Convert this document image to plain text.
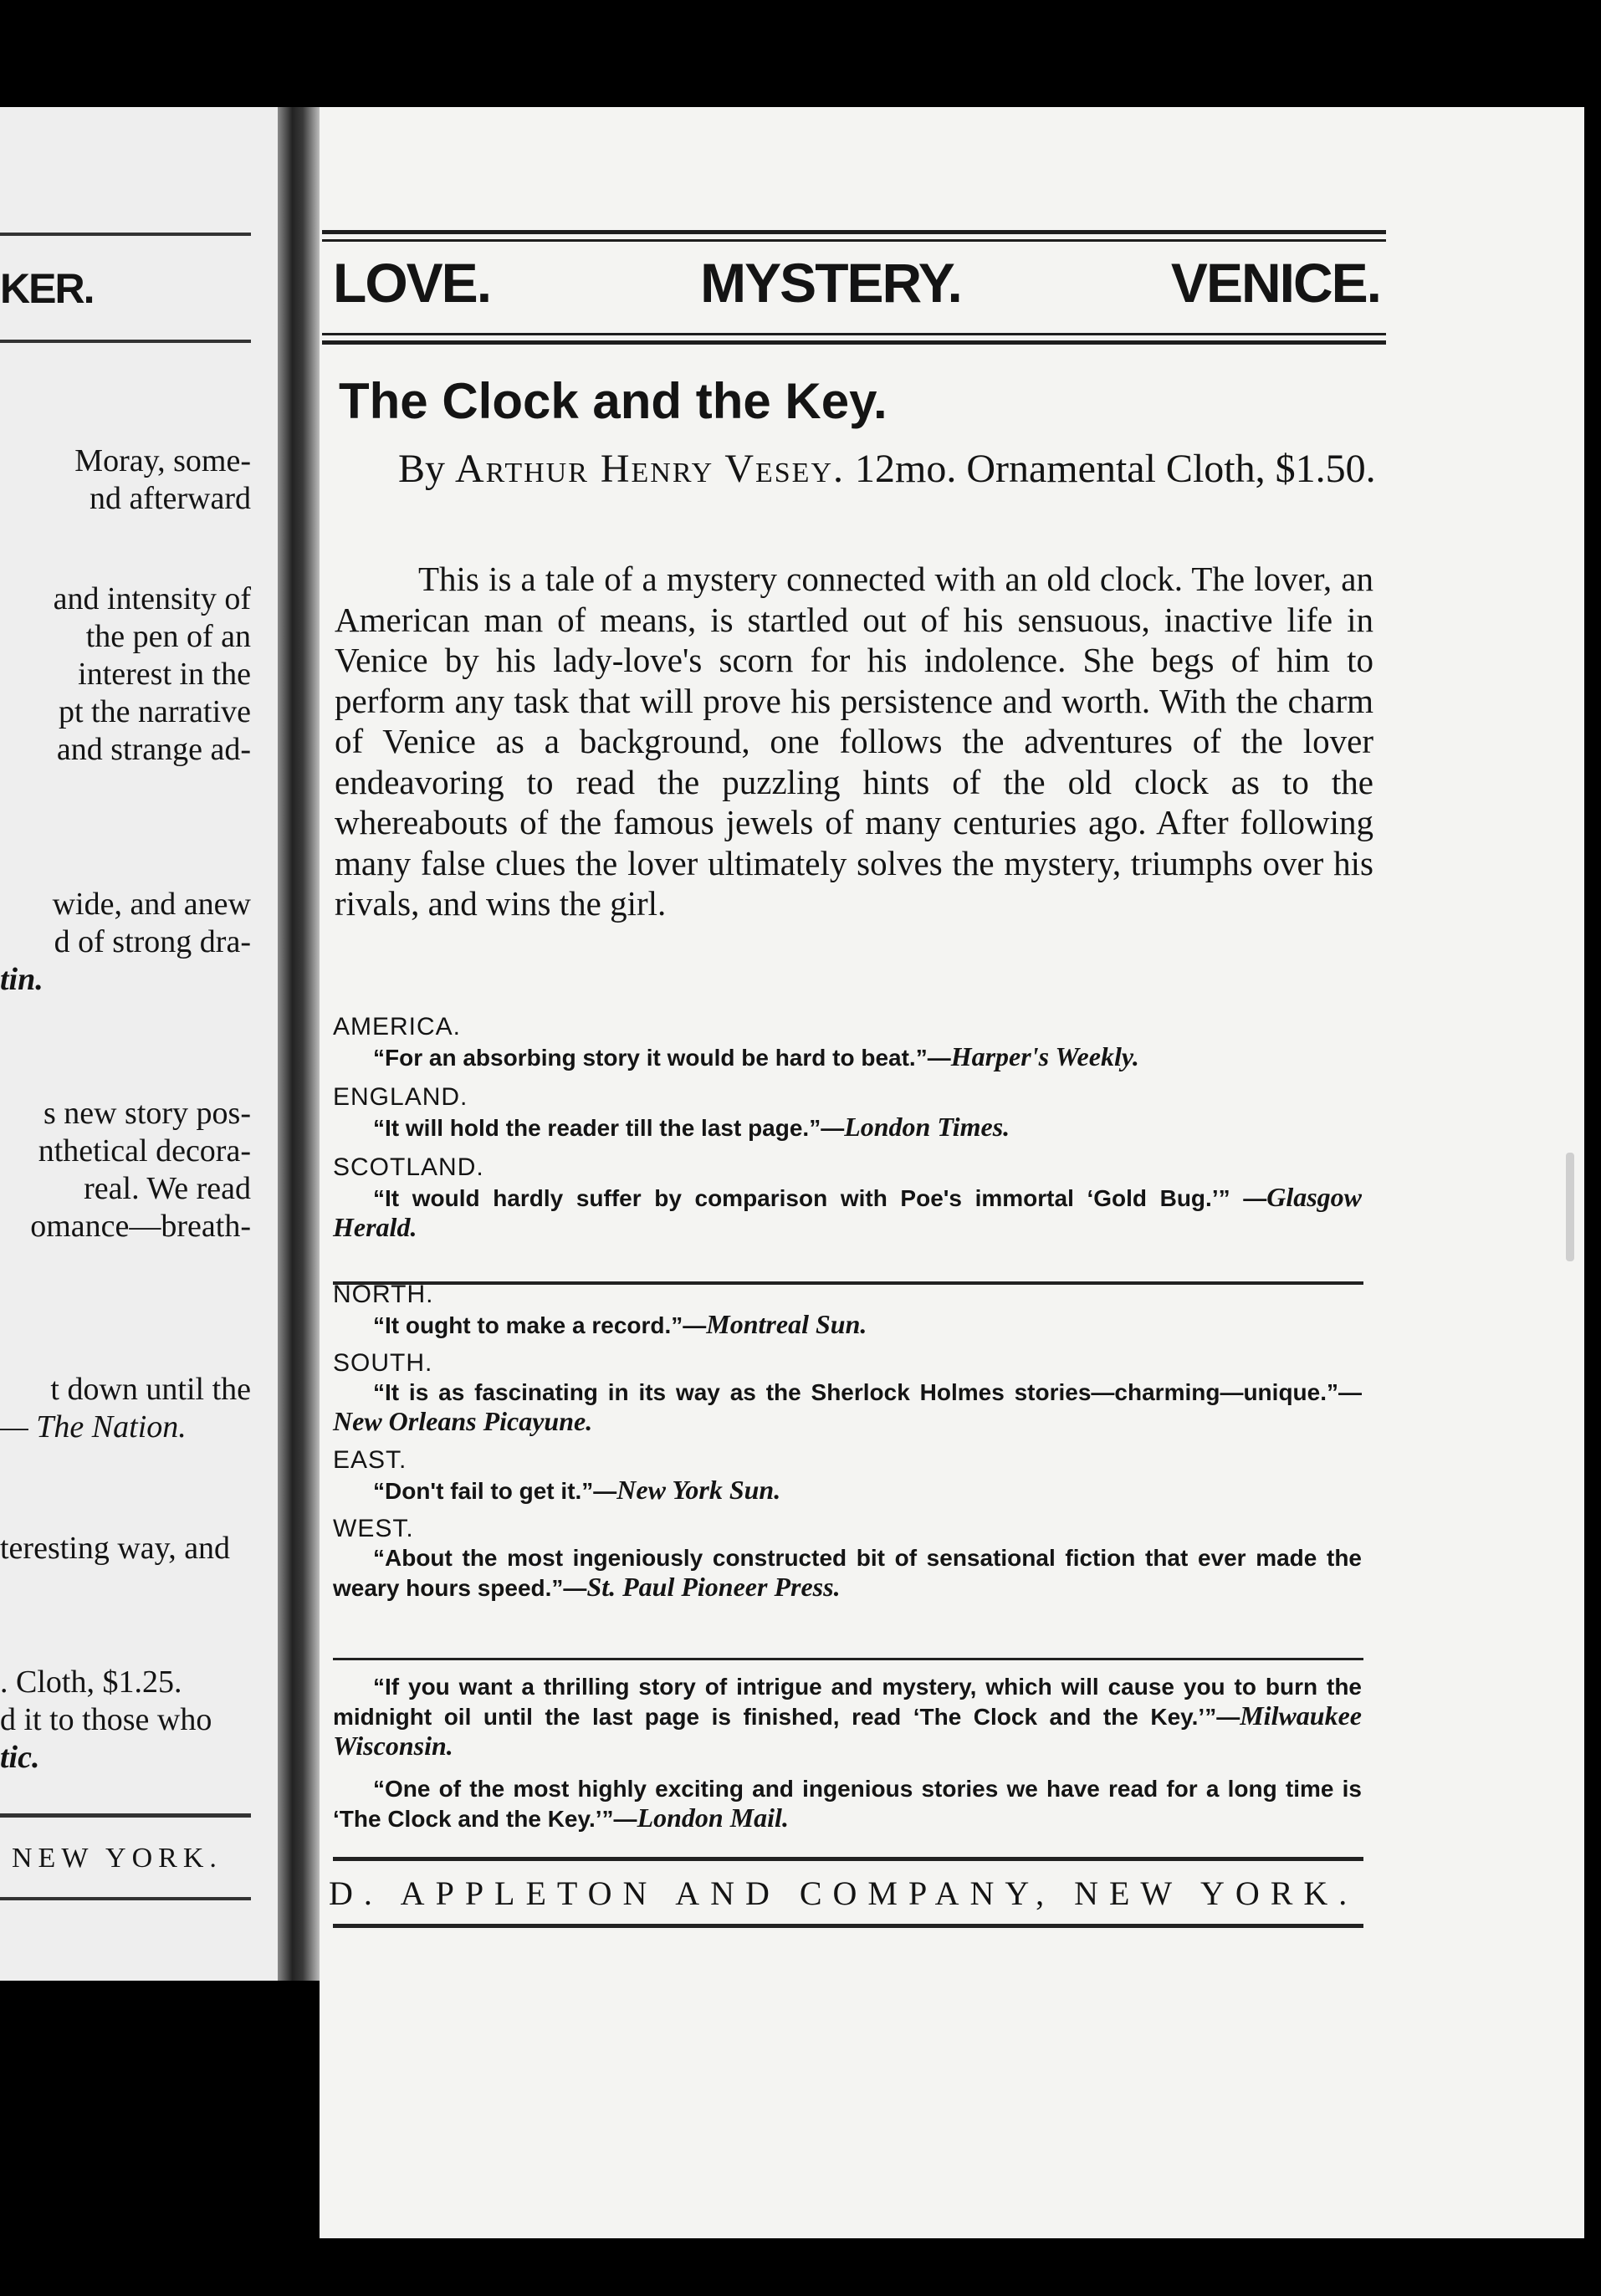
KER.
Moray, some-
nd afterward
and intensity of
the pen of an
interest in the
pt the narrative
and strange ad-
wide, and anew
d of strong dra-
tin.
s new story pos-
nthetical decora-
real. We read
omance—breath-
t down until the
— The Nation.
teresting way, and
. Cloth, $1.25.
d it to those who
tic.
NEW YORK.
LOVE.	MYSTERY.	VENICE.
The Clock and the Key.
By Arthur Henry Vesey. 12mo. Ornamental Cloth, $1.50.
This is a tale of a mystery connected with an old clock. The lover, an American man of means, is startled out of his sensuous, inactive life in Venice by his lady-love's scorn for his indolence. She begs of him to perform any task that will prove his persistence and worth. With the charm of Venice as a background, one follows the adventures of the lover endeavoring to read the puzzling hints of the old clock as to the whereabouts of the famous jewels of many centuries ago. After following many false clues the lover ultimately solves the mystery, triumphs over his rivals, and wins the girl.
AMERICA.
“For an absorbing story it would be hard to beat.”—Harper's Weekly.
ENGLAND.
“It will hold the reader till the last page.”—London Times.
SCOTLAND.
“It would hardly suffer by comparison with Poe's immortal ‘Gold Bug.’” —Glasgow Herald.
NORTH.
“It ought to make a record.”—Montreal Sun.
SOUTH.
“It is as fascinating in its way as the Sherlock Holmes stories—charming—unique.”—New Orleans Picayune.
EAST.
“Don't fail to get it.”—New York Sun.
WEST.
“About the most ingeniously constructed bit of sensational fiction that ever made the weary hours speed.”—St. Paul Pioneer Press.
“If you want a thrilling story of intrigue and mystery, which will cause you to burn the midnight oil until the last page is finished, read ‘The Clock and the Key.’”—Milwaukee Wisconsin.
“One of the most highly exciting and ingenious stories we have read for a long time is ‘The Clock and the Key.’”—London Mail.
D. APPLETON AND COMPANY, NEW YORK.
